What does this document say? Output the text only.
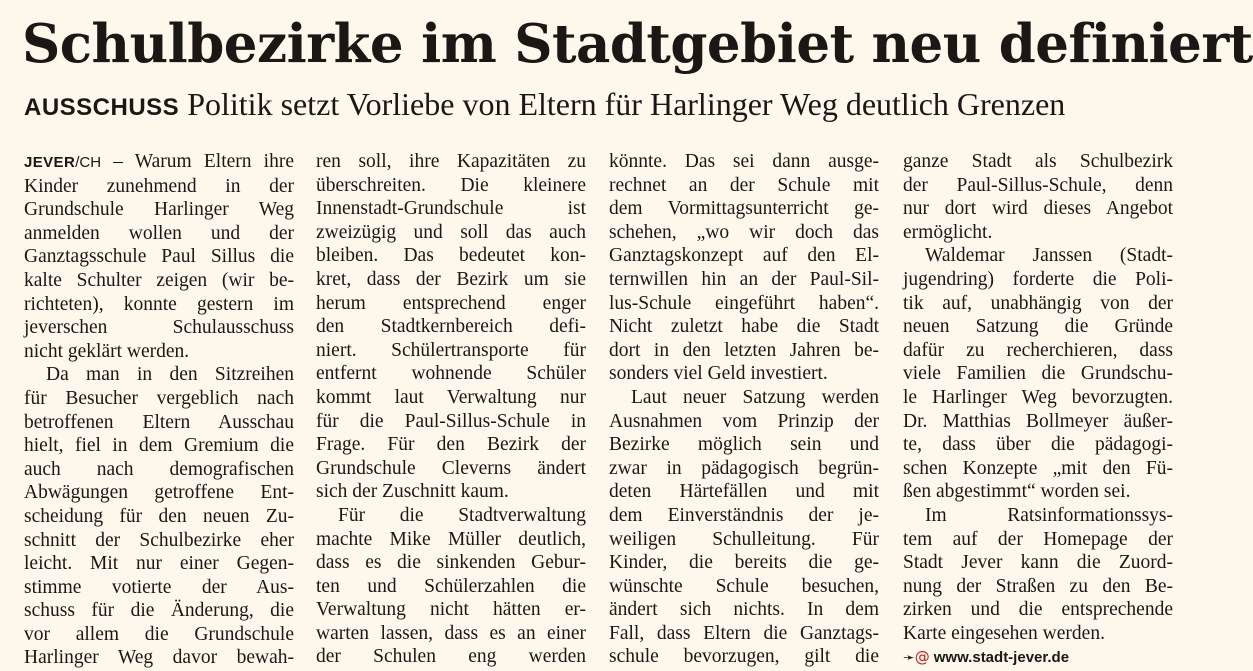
Schulbezirke im Stadtgebiet neu definiert

AUSSCHUSS Politik setzt Vorliebe von Eltern für Harlinger Weg deutlich Grenzen

JEVER/CH – Warum Eltern ihre
Kinder zunehmend in der
Grundschule Harlinger Weg
anmelden wollen und der
Ganztagsschule Paul Sillus die
kalte Schulter zeigen (wir be-
richteten), konnte gestern im
jeverschen Schulausschuss
nicht geklärt werden.
Da man in den Sitzreihen
für Besucher vergeblich nach
betroffenen Eltern Ausschau
hielt, fiel in dem Gremium die
auch nach demografischen
Abwägungen getroffene Ent-
scheidung für den neuen Zu-
schnitt der Schulbezirke eher
leicht. Mit nur einer Gegen-
stimme votierte der Aus-
schuss für die Änderung, die
vor allem die Grundschule
Harlinger Weg davor bewah-
ren soll, ihre Kapazitäten zu
überschreiten. Die kleinere
Innenstadt-Grundschule ist
zweizügig und soll das auch
bleiben. Das bedeutet kon-
kret, dass der Bezirk um sie
herum entsprechend enger
den Stadtkernbereich defi-
niert. Schülertransporte für
entfernt wohnende Schüler
kommt laut Verwaltung nur
für die Paul-Sillus-Schule in
Frage. Für den Bezirk der
Grundschule Cleverns ändert
sich der Zuschnitt kaum.
Für die Stadtverwaltung
machte Mike Müller deutlich,
dass es die sinkenden Gebur-
ten und Schülerzahlen die
Verwaltung nicht hätten er-
warten lassen, dass es an einer
der Schulen eng werden
könnte. Das sei dann ausge-
rechnet an der Schule mit
dem Vormittagsunterricht ge-
schehen, „wo wir doch das
Ganztagskonzept auf den El-
ternwillen hin an der Paul-Sil-
lus-Schule eingeführt haben“.
Nicht zuletzt habe die Stadt
dort in den letzten Jahren be-
sonders viel Geld investiert.
Laut neuer Satzung werden
Ausnahmen vom Prinzip der
Bezirke möglich sein und
zwar in pädagogisch begrün-
deten Härtefällen und mit
dem Einverständnis der je-
weiligen Schulleitung. Für
Kinder, die bereits die ge-
wünschte Schule besuchen,
ändert sich nichts. In dem
Fall, dass Eltern die Ganztags-
schule bevorzugen, gilt die
ganze Stadt als Schulbezirk
der Paul-Sillus-Schule, denn
nur dort wird dieses Angebot
ermöglicht.
Waldemar Janssen (Stadt-
jugendring) forderte die Poli-
tik auf, unabhängig von der
neuen Satzung die Gründe
dafür zu recherchieren, dass
viele Familien die Grundschu-
le Harlinger Weg bevorzugten.
Dr. Matthias Bollmeyer äußer-
te, dass über die pädagogi-
schen Konzepte „mit den Fü-
ßen abgestimmt“ worden sei.
Im Ratsinformationssys-
tem auf der Homepage der
Stadt Jever kann die Zuord-
nung der Straßen zu den Be-
zirken und die entsprechende
Karte eingesehen werden.
➛@ www.stadt-jever.de
